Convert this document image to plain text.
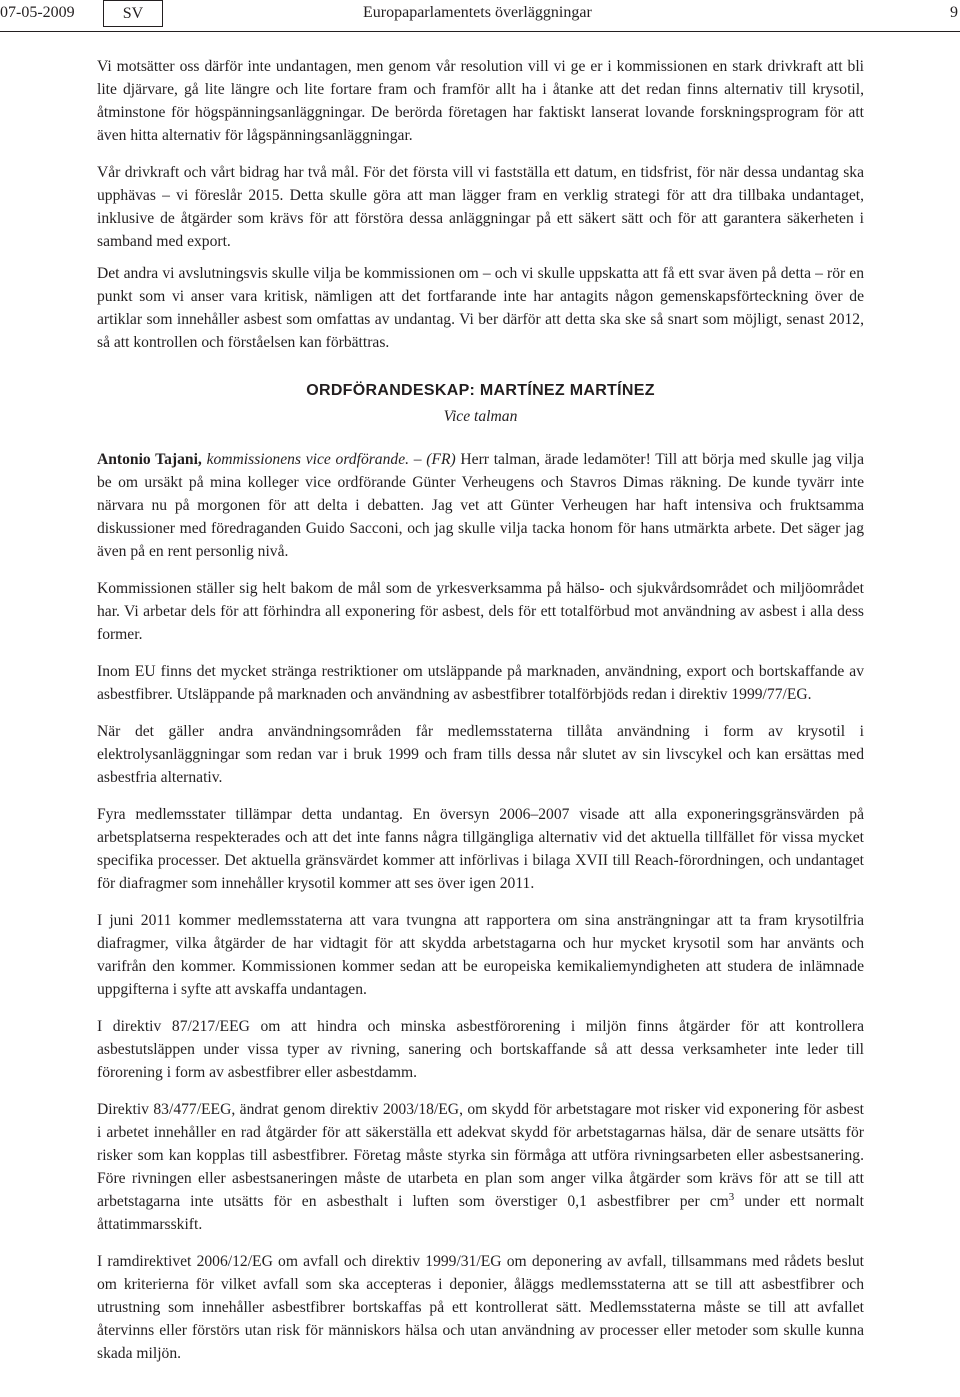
07-05-2009	SV	Europaparlamentets överläggningar	9

Vi motsätter oss därför inte undantagen, men genom vår resolution vill vi ge er i kommissionen en stark drivkraft att bli lite djärvare, gå lite längre och lite fortare fram och framför allt ha i åtanke att det redan finns alternativ till krysotil, åtminstone för högspänningsanläggningar. De berörda företagen har faktiskt lanserat lovande forskningsprogram för att även hitta alternativ för lågspänningsanläggningar.

Vår drivkraft och vårt bidrag har två mål. För det första vill vi fastställa ett datum, en tidsfrist, för när dessa undantag ska upphävas – vi föreslår 2015. Detta skulle göra att man lägger fram en verklig strategi för att dra tillbaka undantaget, inklusive de åtgärder som krävs för att förstöra dessa anläggningar på ett säkert sätt och för att garantera säkerheten i samband med export.

Det andra vi avslutningsvis skulle vilja be kommissionen om – och vi skulle uppskatta att få ett svar även på detta – rör en punkt som vi anser vara kritisk, nämligen att det fortfarande inte har antagits någon gemenskapsförteckning över de artiklar som innehåller asbest som omfattas av undantag. Vi ber därför att detta ska ske så snart som möjligt, senast 2012, så att kontrollen och förståelsen kan förbättras.

ORDFÖRANDESKAP: MARTÍNEZ MARTÍNEZ
Vice talman

Antonio Tajani, kommissionens vice ordförande. – (FR) Herr talman, ärade ledamöter! Till att börja med skulle jag vilja be om ursäkt på mina kolleger vice ordförande Günter Verheugens och Stavros Dimas räkning. De kunde tyvärr inte närvara nu på morgonen för att delta i debatten. Jag vet att Günter Verheugen har haft intensiva och fruktsamma diskussioner med föredraganden Guido Sacconi, och jag skulle vilja tacka honom för hans utmärkta arbete. Det säger jag även på en rent personlig nivå.

Kommissionen ställer sig helt bakom de mål som de yrkesverksamma på hälso- och sjukvårdsområdet och miljöområdet har. Vi arbetar dels för att förhindra all exponering för asbest, dels för ett totalförbud mot användning av asbest i alla dess former.

Inom EU finns det mycket stränga restriktioner om utsläppande på marknaden, användning, export och bortskaffande av asbestfibrer. Utsläppande på marknaden och användning av asbestfibrer totalförbjöds redan i direktiv 1999/77/EG.

När det gäller andra användningsområden får medlemsstaterna tillåta användning i form av krysotil i elektrolysanläggningar som redan var i bruk 1999 och fram tills dessa når slutet av sin livscykel och kan ersättas med asbestfria alternativ.

Fyra medlemsstater tillämpar detta undantag. En översyn 2006–2007 visade att alla exponeringsgränsvärden på arbetsplatserna respekterades och att det inte fanns några tillgängliga alternativ vid det aktuella tillfället för vissa mycket specifika processer. Det aktuella gränsvärdet kommer att införlivas i bilaga XVII till Reach-förordningen, och undantaget för diafragmer som innehåller krysotil kommer att ses över igen 2011.

I juni 2011 kommer medlemsstaterna att vara tvungna att rapportera om sina ansträngningar att ta fram krysotilfria diafragmer, vilka åtgärder de har vidtagit för att skydda arbetstagarna och hur mycket krysotil som har använts och varifrån den kommer. Kommissionen kommer sedan att be europeiska kemikaliemyndigheten att studera de inlämnade uppgifterna i syfte att avskaffa undantagen.

I direktiv 87/217/EEG om att hindra och minska asbestförorening i miljön finns åtgärder för att kontrollera asbestutsläppen under vissa typer av rivning, sanering och bortskaffande så att dessa verksamheter inte leder till förorening i form av asbestfibrer eller asbestdamm.

Direktiv 83/477/EEG, ändrat genom direktiv 2003/18/EG, om skydd för arbetstagare mot risker vid exponering för asbest i arbetet innehåller en rad åtgärder för att säkerställa ett adekvat skydd för arbetstagarnas hälsa, där de senare utsätts för risker som kan kopplas till asbestfibrer. Företag måste styrka sin förmåga att utföra rivningsarbeten eller asbestsanering. Före rivningen eller asbestsaneringen måste de utarbeta en plan som anger vilka åtgärder som krävs för att se till att arbetstagarna inte utsätts för en asbesthalt i luften som överstiger 0,1 asbestfibrer per $cm^3$ under ett normalt åttatimmarsskift.

I ramdirektivet 2006/12/EG om avfall och direktiv 1999/31/EG om deponering av avfall, tillsammans med rådets beslut om kriterierna för vilket avfall som ska accepteras i deponier, åläggs medlemsstaterna att se till att asbestfibrer och utrustning som innehåller asbestfibrer bortskaffas på ett kontrollerat sätt. Medlemsstaterna måste se till att avfallet återvinns eller förstörs utan risk för människors hälsa och utan användning av processer eller metoder som skulle kunna skada miljön.
